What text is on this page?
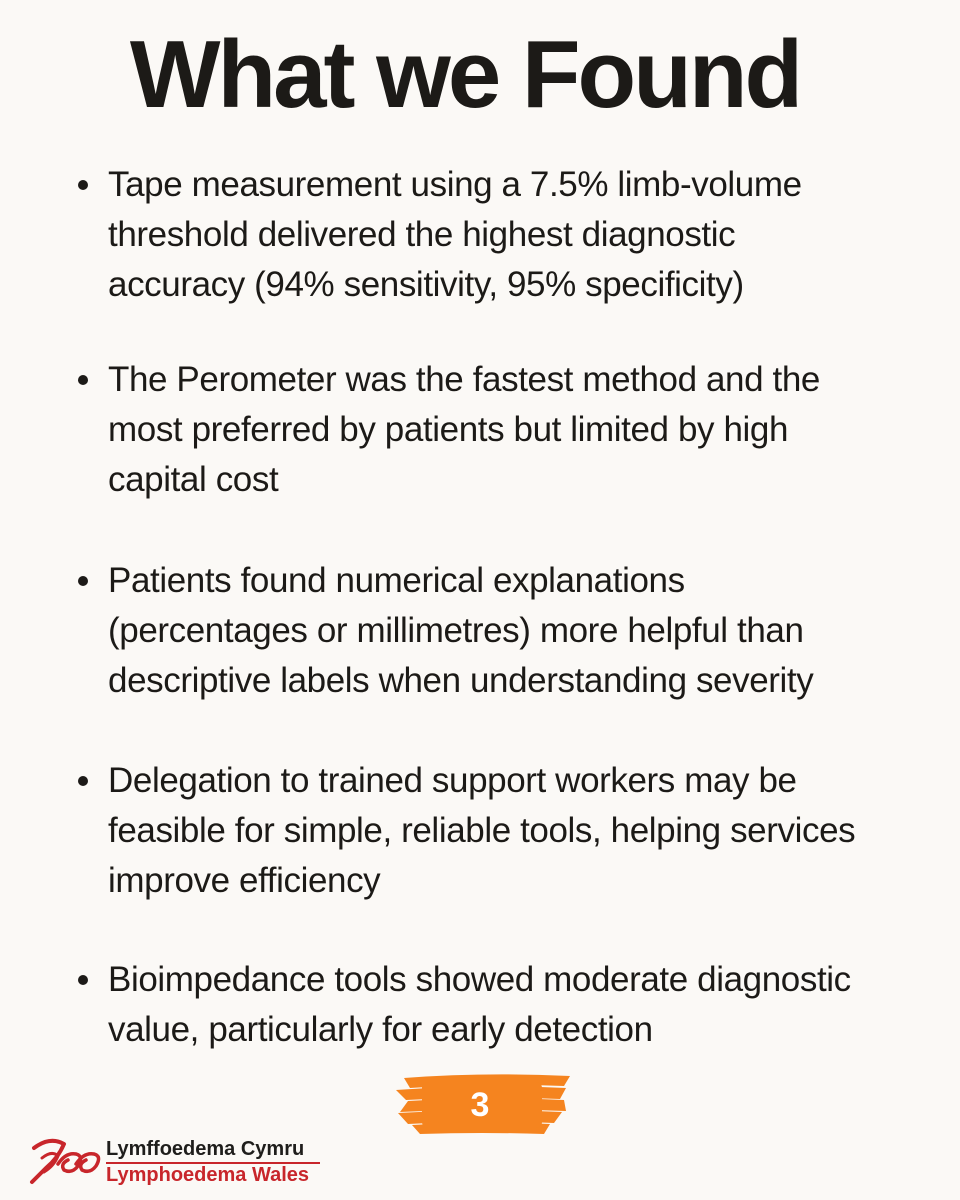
What we Found
Tape measurement using a 7.5% limb-volume
threshold delivered the highest diagnostic
accuracy (94% sensitivity, 95% specificity)
The Perometer was the fastest method and the
most preferred by patients but limited by high
capital cost
Patients found numerical explanations
(percentages or millimetres) more helpful than
descriptive labels when understanding severity
Delegation to trained support workers may be
feasible for simple, reliable tools, helping services
improve efficiency
Bioimpedance tools showed moderate diagnostic
value, particularly for early detection
3
Lymffoedema Cymru
Lymphoedema Wales
